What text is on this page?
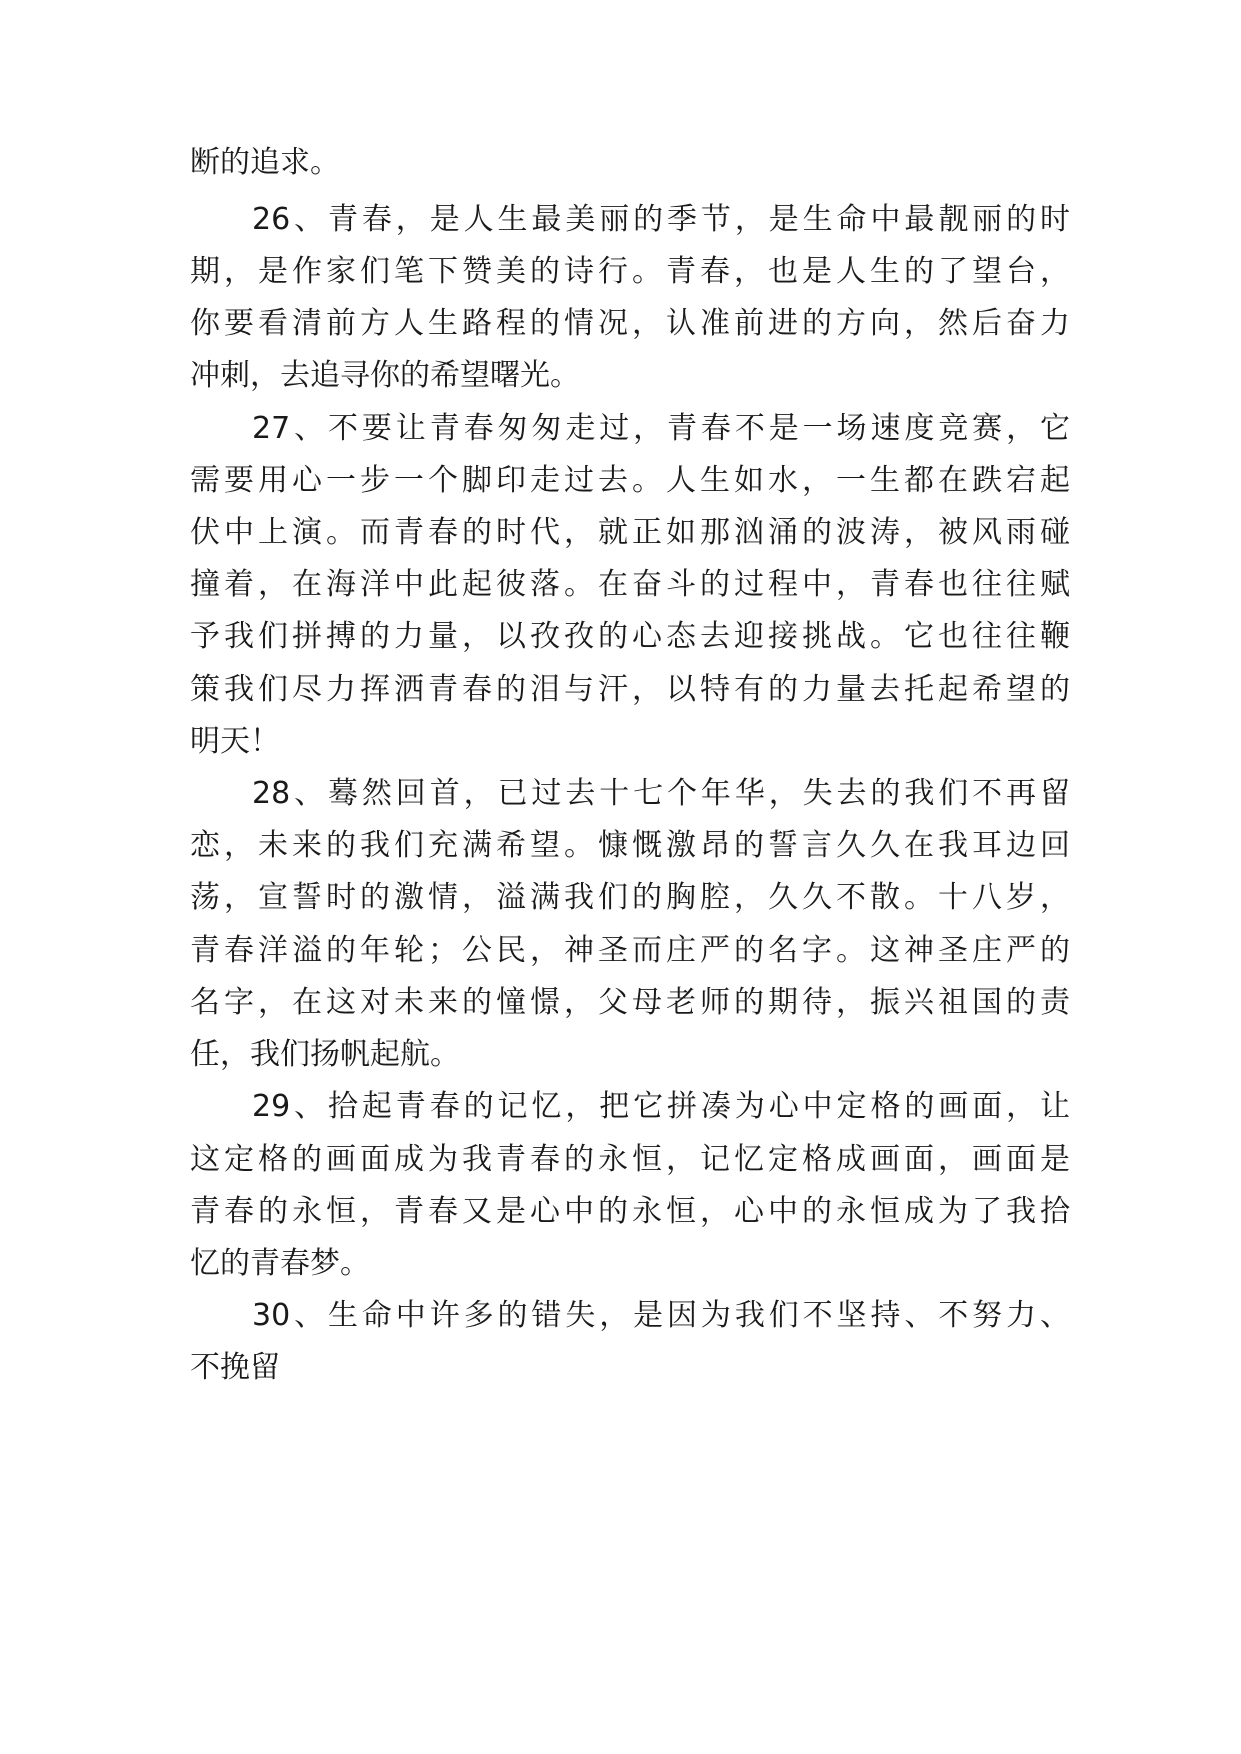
断的追求。
26、青春，是人生最美丽的季节，是生命中最靓丽的时
期，是作家们笔下赞美的诗行。青春，也是人生的了望台，
你要看清前方人生路程的情况，认准前进的方向，然后奋力
冲刺，去追寻你的希望曙光。
27、不要让青春匆匆走过，青春不是一场速度竞赛，它
需要用心一步一个脚印走过去。人生如水，一生都在跌宕起
伏中上演。而青春的时代，就正如那汹涌的波涛，被风雨碰
撞着，在海洋中此起彼落。在奋斗的过程中，青春也往往赋
予我们拼搏的力量，以孜孜的心态去迎接挑战。它也往往鞭
策我们尽力挥洒青春的泪与汗，以特有的力量去托起希望的
明天！
28、蓦然回首，已过去十七个年华，失去的我们不再留
恋，未来的我们充满希望。慷慨激昂的誓言久久在我耳边回
荡，宣誓时的激情，溢满我们的胸腔，久久不散。十八岁，
青春洋溢的年轮；公民，神圣而庄严的名字。这神圣庄严的
名字，在这对未来的憧憬，父母老师的期待，振兴祖国的责
任，我们扬帆起航。
29、拾起青春的记忆，把它拼凑为心中定格的画面，让
这定格的画面成为我青春的永恒，记忆定格成画面，画面是
青春的永恒，青春又是心中的永恒，心中的永恒成为了我拾
忆的青春梦。
30、生命中许多的错失，是因为我们不坚持、不努力、
不挽留
